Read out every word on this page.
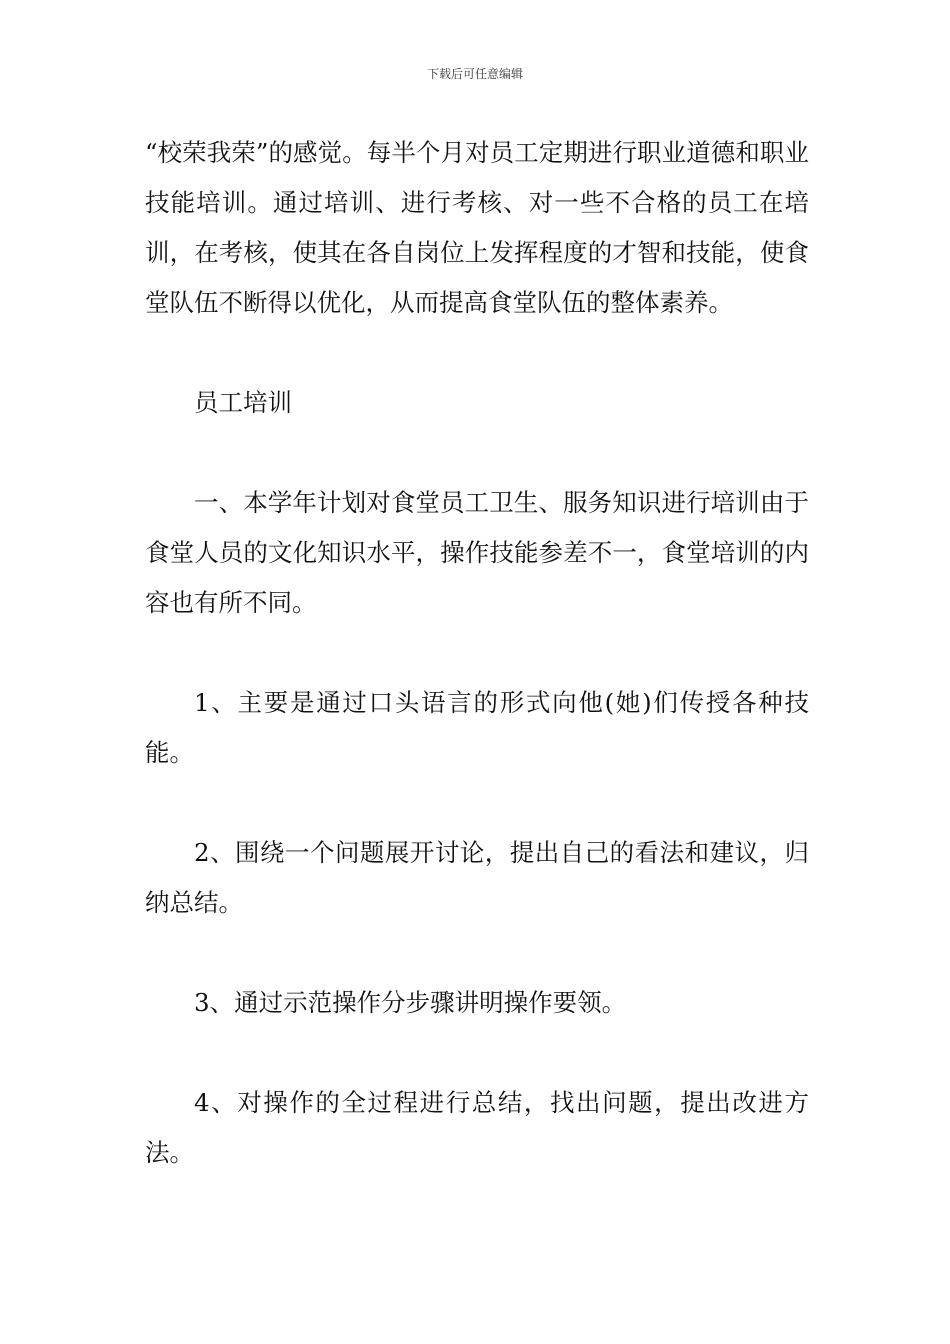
下载后可任意编辑

“校荣我荣”的感觉。每半个月对员工定期进行职业道德和职业技能培训。通过培训、进行考核、对一些不合格的员工在培训，在考核，使其在各自岗位上发挥程度的才智和技能，使食堂队伍不断得以优化，从而提高食堂队伍的整体素养。

员工培训

一、本学年计划对食堂员工卫生、服务知识进行培训由于食堂人员的文化知识水平，操作技能参差不一，食堂培训的内容也有所不同。

1、主要是通过口头语言的形式向他(她)们传授各种技能。

2、围绕一个问题展开讨论，提出自己的看法和建议，归纳总结。

3、通过示范操作分步骤讲明操作要领。

4、对操作的全过程进行总结，找出问题，提出改进方法。
